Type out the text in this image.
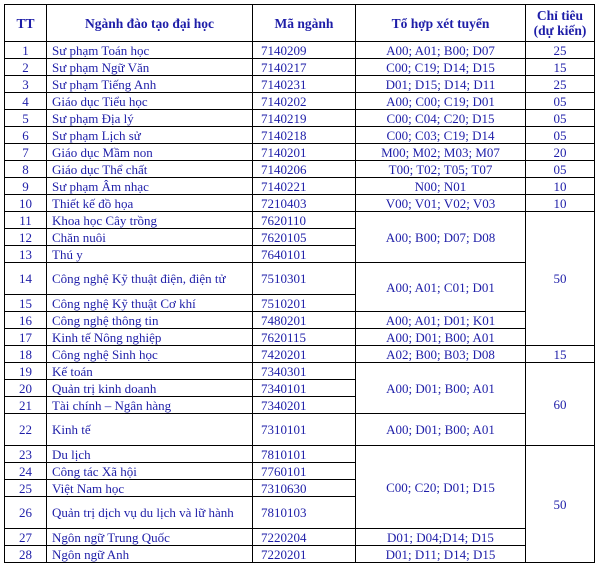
TT	Ngành đào tạo đại học	Mã ngành	Tổ hợp xét tuyển	Chỉ tiêu (dự kiến)
1	Sư phạm Toán học	7140209	A00; A01; B00; D07	25
2	Sư phạm Ngữ Văn	7140217	C00; C19; D14; D15	15
3	Sư phạm Tiếng Anh	7140231	D01; D15; D14; D11	25
4	Giáo dục Tiểu học	7140202	A00; C00; C19; D01	05
5	Sư phạm Địa lý	7140219	C00; C04; C20; D15	05
6	Sư phạm Lịch sử	7140218	C00; C03; C19; D14	05
7	Giáo dục Mầm non	7140201	M00; M02; M03; M07	20
8	Giáo dục Thể chất	7140206	T00; T02; T05; T07	05
9	Sư phạm Âm nhạc	7140221	N00; N01	10
10	Thiết kế đồ họa	7210403	V00; V01; V02; V03	10
11	Khoa học Cây trồng	7620110	A00; B00; D07; D08	50
12	Chăn nuôi	7620105		
13	Thú y	7640101		
14	Công nghệ Kỹ thuật điện, điện tử	7510301	A00; A01; C01; D01	
15	Công nghệ Kỹ thuật Cơ khí	7510201		
16	Công nghệ thông tin	7480201	A00; A01; D01; K01	
17	Kinh tế Nông nghiệp	7620115	A00; D01; B00; A01	
18	Công nghệ Sinh học	7420201	A02; B00; B03; D08	15
19	Kế toán	7340301	A00; D01; B00; A01	60
20	Quản trị kinh doanh	7340101		
21	Tài chính – Ngân hàng	7340201		
22	Kinh tế	7310101	A00; D01; B00; A01	
23	Du lịch	7810101	C00; C20; D01; D15	50
24	Công tác Xã hội	7760101		
25	Việt Nam học	7310630		
26	Quản trị dịch vụ du lịch và lữ hành	7810103		
27	Ngôn ngữ Trung Quốc	7220204	D01; D04;D14; D15	
28	Ngôn ngữ Anh	7220201	D01; D11; D14; D15	
